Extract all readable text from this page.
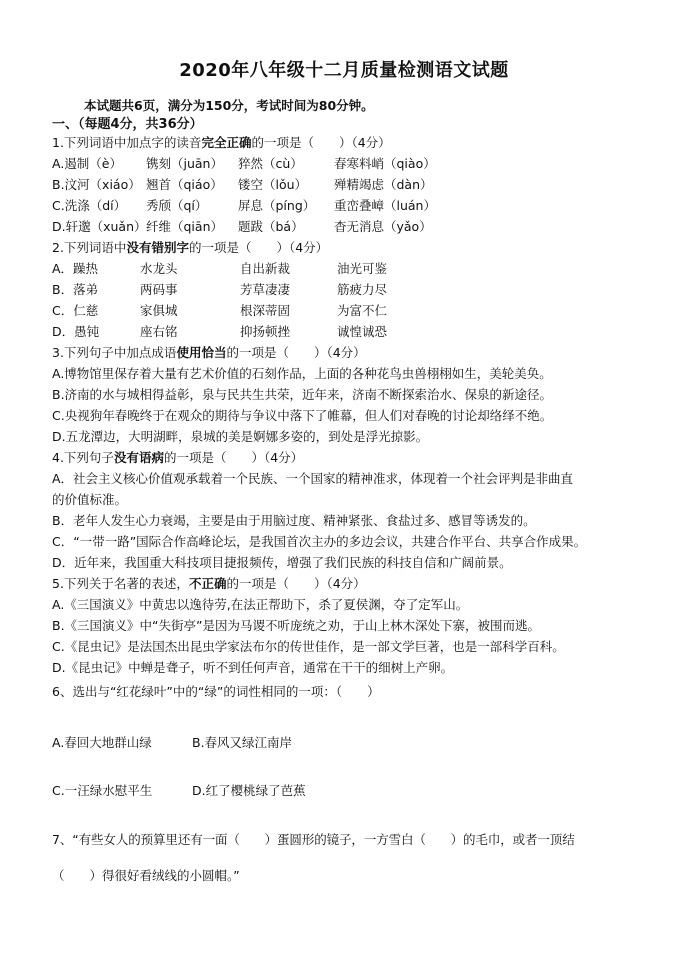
2020年八年级十二月质量检测语文试题
本试题共6页，满分为150分，考试时间为80分钟。
一、（每题4分，共36分）
1.下列词语中加点字的读音完全正确的一项是（　　）（4分）
A.遏制（è）	镌刻（juān）	猝然（cù）	春寒料峭（qiào）
B.汶河（xiáo） 翘首（qiáo）	镂空（lǒu）	殚精竭虑（dàn）
C.洗涤（dí）	秀颀（qí）	屏息（píng）	重峦叠嶂（luán）
D.轩邈（xuǎn） 纤维（qiān）	题跋（bá）	杳无消息（yǎo）
2.下列词语中没有错别字的一项是（　　）（4分）
A．躁热	水龙头	自出新裁	油光可鉴
B．落弟	两码事	芳草凄凄	筋疲力尽
C．仁慈	家俱城	根深蒂固	为富不仁
D．愚钝	座右铭	抑扬顿挫	诚惶诚恐
3.下列句子中加点成语使用恰当的一项是（　　）（4分）
A.博物馆里保存着大量有艺术价值的石刻作品，上面的各种花鸟虫兽栩栩如生，美轮美奂。
B.济南的水与城相得益彰，泉与民共生共荣，近年来，济南不断探索治水、保泉的新途径。
C.央视狗年春晚终于在观众的期待与争议中落下了帷幕，但人们对春晚的讨论却络绎不绝。
D.五龙潭边，大明湖畔，泉城的美是婀娜多姿的，到处是浮光掠影。
4.下列句子没有语病的一项是（　　）（4分）
A．社会主义核心价值观承载着一个民族、一个国家的精神准求，体现着一个社会评判是非曲直
的价值标准。
B．老年人发生心力衰竭，主要是由于用脑过度、精神紧张、食盐过多、感冒等诱发的。
C．“一带一路”国际合作高峰论坛，是我国首次主办的多边会议，共建合作平台、共享合作成果。
D．近年来，我国重大科技项目捷报频传，增强了我们民族的科技自信和广阔前景。
5.下列关于名著的表述，不正确的一项是（　　）（4分）
A.《三国演义》中黄忠以逸待劳,在法正帮助下，杀了夏侯渊，夺了定军山。
B.《三国演义》中“失街亭”是因为马谡不听庞统之劝，于山上林木深处下寨，被围而逃。
C.《昆虫记》是法国杰出昆虫学家法布尔的传世佳作，是一部文学巨著，也是一部科学百科。
D.《昆虫记》中蝉是聋子，听不到任何声音，通常在干干的细树上产卵。
6、选出与“红花绿叶”中的“绿”的词性相同的一项：（　　）
A.春回大地群山绿	B.春风又绿江南岸
C.一汪绿水慰平生	D.红了樱桃绿了芭蕉
7、“有些女人的预算里还有一面（　　）蛋圆形的镜子，一方雪白（　　）的毛巾，或者一顶结
（　　）得很好看绒线的小圆帽。”
